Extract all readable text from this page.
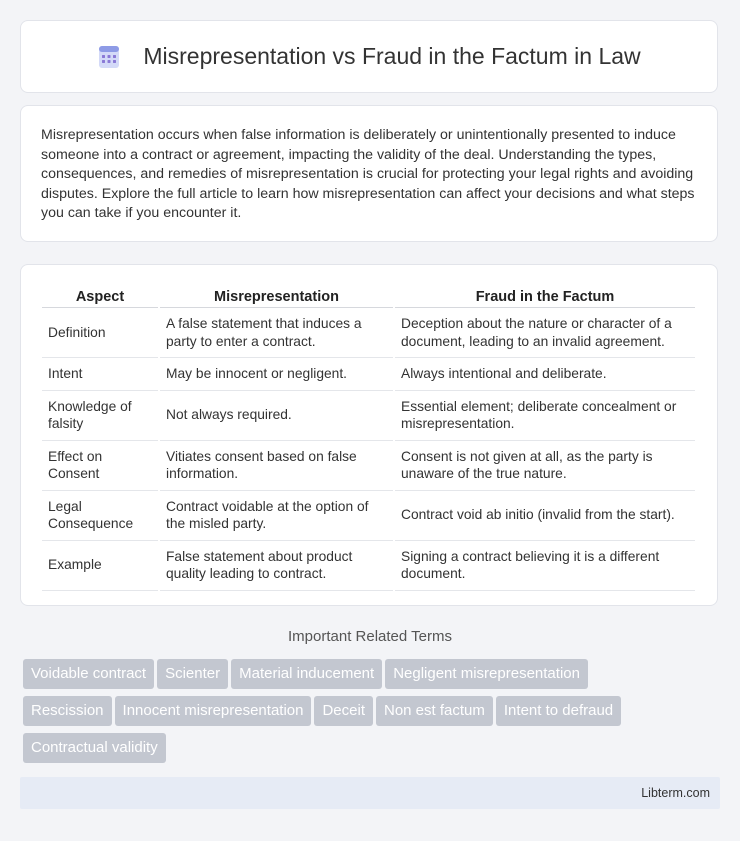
Misrepresentation vs Fraud in the Factum in Law

Misrepresentation occurs when false information is deliberately or unintentionally presented to induce someone into a contract or agreement, impacting the validity of the deal. Understanding the types, consequences, and remedies of misrepresentation is crucial for protecting your legal rights and avoiding disputes. Explore the full article to learn how misrepresentation can affect your decisions and what steps you can take if you encounter it.

Aspect	Misrepresentation	Fraud in the Factum
Definition	A false statement that induces a party to enter a contract.	Deception about the nature or character of a document, leading to an invalid agreement.
Intent	May be innocent or negligent.	Always intentional and deliberate.
Knowledge of falsity	Not always required.	Essential element; deliberate concealment or misrepresentation.
Effect on Consent	Vitiates consent based on false information.	Consent is not given at all, as the party is unaware of the true nature.
Legal Consequence	Contract voidable at the option of the misled party.	Contract void ab initio (invalid from the start).
Example	False statement about product quality leading to contract.	Signing a contract believing it is a different document.
Important Related Terms
Voidable contract Scienter Material inducement Negligent misrepresentation
Rescission Innocent misrepresentation Deceit Non est factum Intent to defraud
Contractual validity
Libterm.com
